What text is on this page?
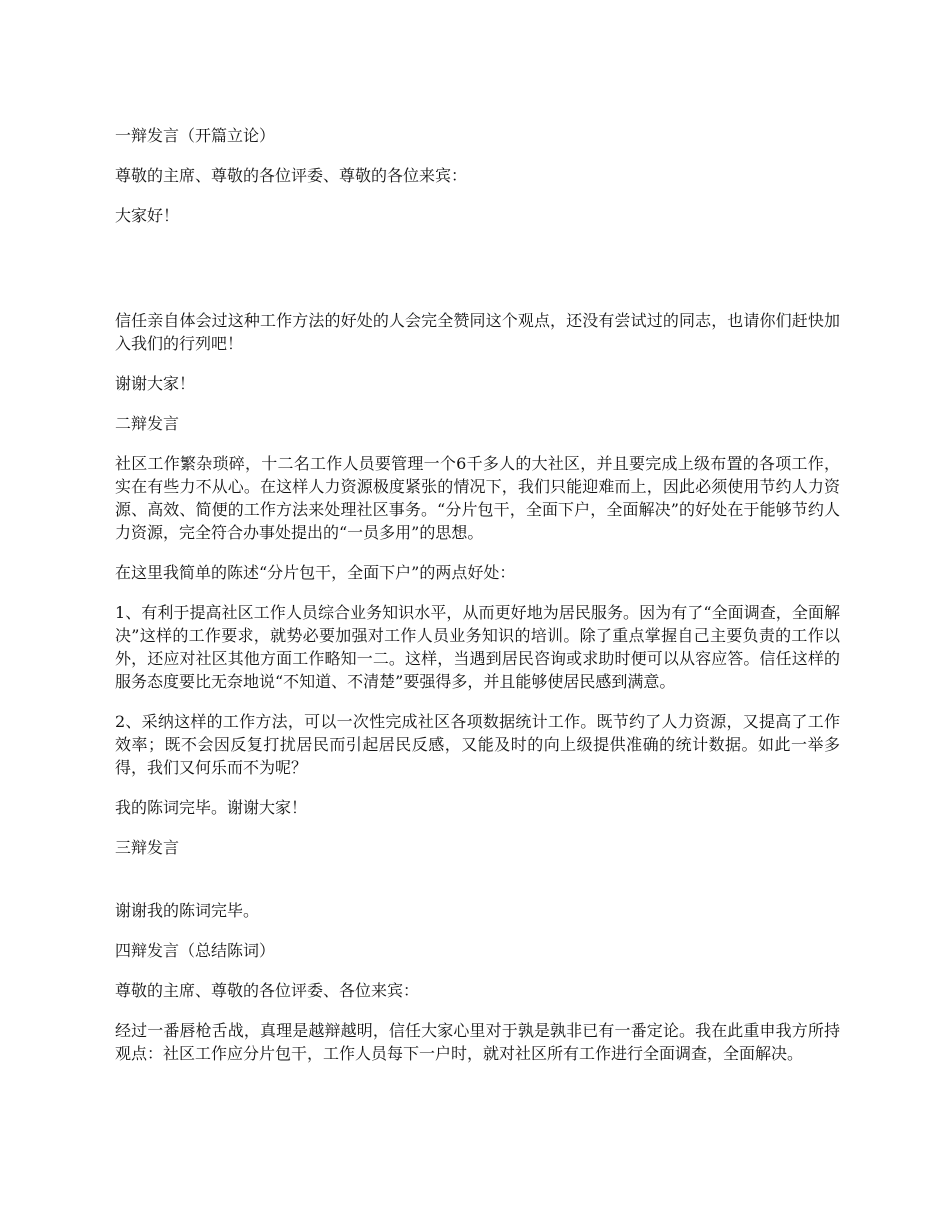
一辩发言（开篇立论）

尊敬的主席、尊敬的各位评委、尊敬的各位来宾：

大家好！

信任亲自体会过这种工作方法的好处的人会完全赞同这个观点，还没有尝试过的同志，也请你们赶快加入我们的行列吧！

谢谢大家！

二辩发言

社区工作繁杂琐碎，十二名工作人员要管理一个6千多人的大社区，并且要完成上级布置的各项工作，实在有些力不从心。在这样人力资源极度紧张的情况下，我们只能迎难而上，因此必须使用节约人力资源、高效、简便的工作方法来处理社区事务。“分片包干，全面下户，全面解决”的好处在于能够节约人力资源，完全符合办事处提出的“一员多用”的思想。

在这里我简单的陈述“分片包干，全面下户”的两点好处：

1、有利于提高社区工作人员综合业务知识水平，从而更好地为居民服务。因为有了“全面调查，全面解决”这样的工作要求，就势必要加强对工作人员业务知识的培训。除了重点掌握自己主要负责的工作以外，还应对社区其他方面工作略知一二。这样，当遇到居民咨询或求助时便可以从容应答。信任这样的服务态度要比无奈地说“不知道、不清楚”要强得多，并且能够使居民感到满意。

2、采纳这样的工作方法，可以一次性完成社区各项数据统计工作。既节约了人力资源，又提高了工作效率；既不会因反复打扰居民而引起居民反感，又能及时的向上级提供准确的统计数据。如此一举多得，我们又何乐而不为呢？

我的陈词完毕。谢谢大家！

三辩发言

谢谢我的陈词完毕。

四辩发言（总结陈词）

尊敬的主席、尊敬的各位评委、各位来宾：

经过一番唇枪舌战，真理是越辩越明，信任大家心里对于孰是孰非已有一番定论。我在此重申我方所持观点：社区工作应分片包干，工作人员每下一户时，就对社区所有工作进行全面调查，全面解决。
